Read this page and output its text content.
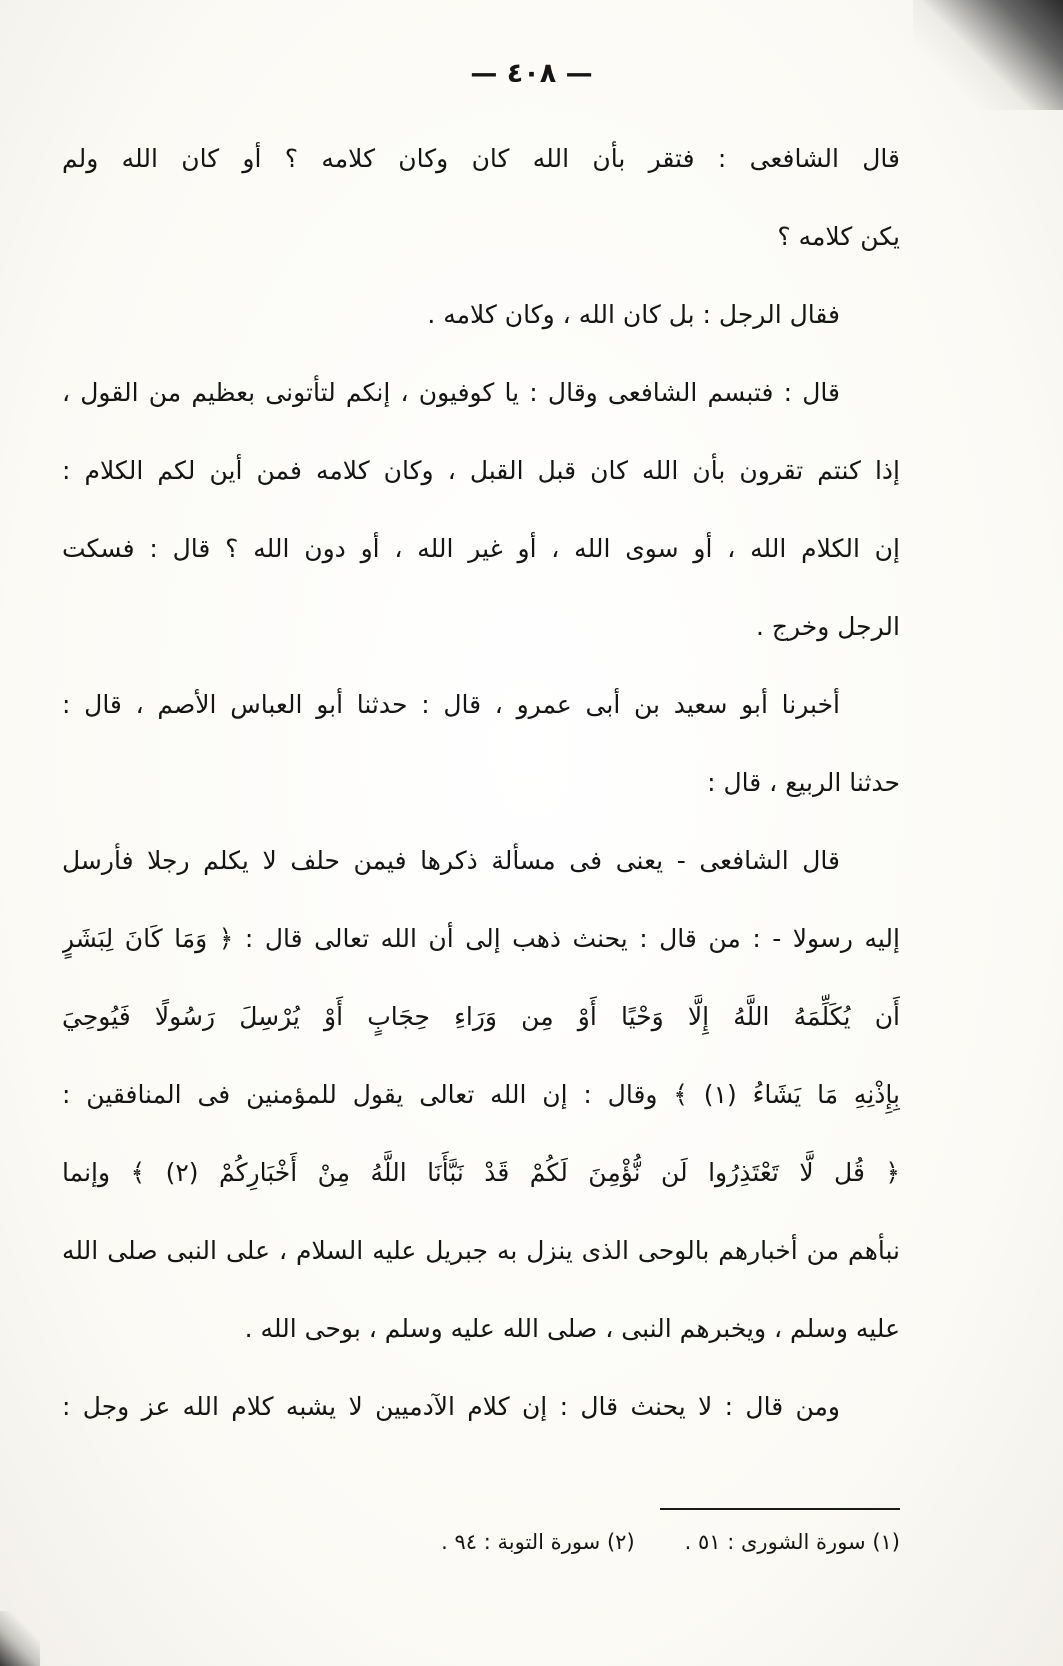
— ٤٠٨ —
قال الشافعى : فتقر بأن الله كان وكان كلامه ؟ أو كان الله ولم
يكن كلامه ؟
فقال الرجل : بل كان الله ، وكان كلامه .
قال : فتبسم الشافعى وقال : يا كوفيون ، إنكم لتأتونى بعظيم من القول ،
إذا كنتم تقرون بأن الله كان قبل القبل ، وكان كلامه فمن أين لكم الكلام :
إن الكلام الله ، أو سوى الله ، أو غير الله ، أو دون الله ؟ قال : فسكت
الرجل وخرج .
أخبرنا أبو سعيد بن أبى عمرو ، قال : حدثنا أبو العباس الأصم ، قال :
حدثنا الربيع ، قال :
قال الشافعى - يعنى فى مسألة ذكرها فيمن حلف لا يكلم رجلا فأرسل
إليه رسولا - : من قال : يحنث ذهب إلى أن الله تعالى قال : ﴿ وَمَا كَانَ لِبَشَرٍ
أَن يُكَلِّمَهُ اللَّهُ إِلَّا وَحْيًا أَوْ مِن وَرَاءِ حِجَابٍ أَوْ يُرْسِلَ رَسُولًا فَيُوحِيَ
بِإِذْنِهِ مَا يَشَاءُ (١) ﴾ وقال : إن الله تعالى يقول للمؤمنين فى المنافقين :
﴿ قُل لَّا تَعْتَذِرُوا لَن نُّؤْمِنَ لَكُمْ قَدْ نَبَّأَنَا اللَّهُ مِنْ أَخْبَارِكُمْ (٢) ﴾ وإنما
نبأهم من أخبارهم بالوحى الذى ينزل به جبريل عليه السلام ، على النبى صلى الله
عليه وسلم ، ويخبرهم النبى ، صلى الله عليه وسلم ، بوحى الله .
ومن قال : لا يحنث قال : إن كلام الآدميين لا يشبه كلام الله عز وجل :
(١) سورة الشورى : ٥١ .
(٢) سورة التوبة : ٩٤ .
